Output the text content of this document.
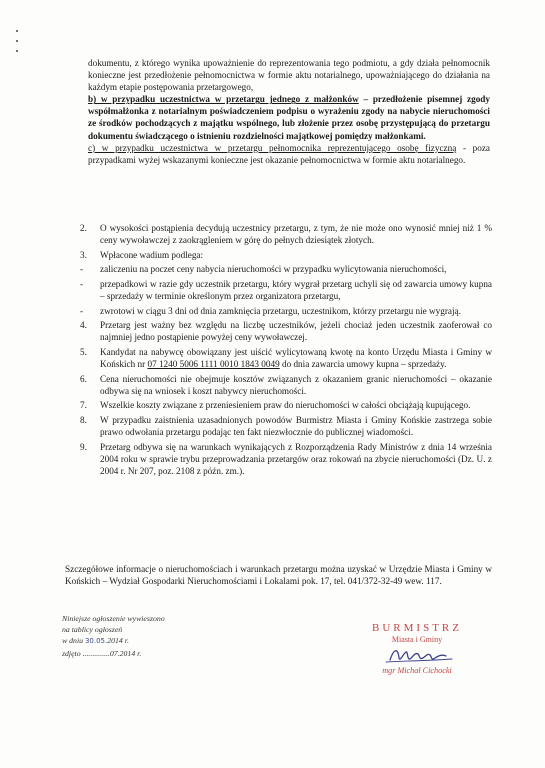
dokumentu, z którego wynika upoważnienie do reprezentowania tego podmiotu, a gdy działa pełnomocnik konieczne jest przedłożenie pełnomocnictwa w formie aktu notarialnego, upoważniającego do działania na każdym etapie postępowania przetargowego,

b) w przypadku uczestnictwa w przetargu jednego z małżonków – przedłożenie pisemnej zgody współmałżonka z notarialnym poświadczeniem podpisu o wyrażeniu zgody na nabycie nieruchomości ze środków pochodzących z majątku wspólnego, lub złożenie przez osobę przystępującą do przetargu dokumentu świadczącego o istnieniu rozdzielności majątkowej pomiędzy małżonkami.

c) w przypadku uczestnictwa w przetargu pełnomocnika reprezentującego osobę fizyczną - poza przypadkami wyżej wskazanymi konieczne jest okazanie pełnomocnictwa w formie aktu notarialnego.

2.	O wysokości postąpienia decydują uczestnicy przetargu, z tym, że nie może ono wynosić mniej niż 1 % ceny wywoławczej z zaokrągleniem w górę do pełnych dziesiątek złotych.
3.	Wpłacone wadium podlega:
-	zaliczeniu na poczet ceny nabycia nieruchomości w przypadku wylicytowania nieruchomości,
-	przepadkowi w razie gdy uczestnik przetargu, który wygrał przetarg uchyli się od zawarcia umowy kupna – sprzedaży w terminie określonym przez organizatora przetargu,
-	zwrotowi w ciągu 3 dni od dnia zamknięcia przetargu, uczestnikom, którzy przetargu nie wygrają.
4.	Przetarg jest ważny bez względu na liczbę uczestników, jeżeli chociaż jeden uczestnik zaoferował co najmniej jedno postąpienie powyżej ceny wywoławczej.
5.	Kandydat na nabywcę obowiązany jest uiścić wylicytowaną kwotę na konto Urzędu Miasta i Gminy w Końskich nr 07 1240 5006 1111 0010 1843 0049 do dnia zawarcia umowy kupna – sprzedaży.
6.	Cena nieruchomości nie obejmuje kosztów związanych z okazaniem granic nieruchomości – okazanie odbywa się na wniosek i koszt nabywcy nieruchomości.
7.	Wszelkie koszty związane z przeniesieniem praw do nieruchomości w całości obciążają kupującego.
8.	W przypadku zaistnienia uzasadnionych powodów Burmistrz Miasta i Gminy Końskie zastrzega sobie prawo odwołania przetargu podając ten fakt niezwłocznie do publicznej wiadomości.
9.	Przetarg odbywa się na warunkach wynikających z Rozporządzenia Rady Ministrów z dnia 14 września 2004 roku w sprawie trybu przeprowadzania przetargów oraz rokowań na zbycie nieruchomości (Dz. U. z 2004 r. Nr 207, poz. 2108 z późn. zm.).

Szczegółowe informacje o nieruchomościach i warunkach przetargu można uzyskać w Urzędzie Miasta i Gminy w Końskich – Wydział Gospodarki Nieruchomościami i Lokalami pok. 17, tel. 041/372-32-49 wew. 117.

Niniejsze ogłoszenie wywieszono
na tablicy ogłoszeń
w dniu 30.05.2014 r.
zdjęto ..............07.2014 r.
BURMISTRZ
Miasta i Gminy
mgr Michał Cichocki
